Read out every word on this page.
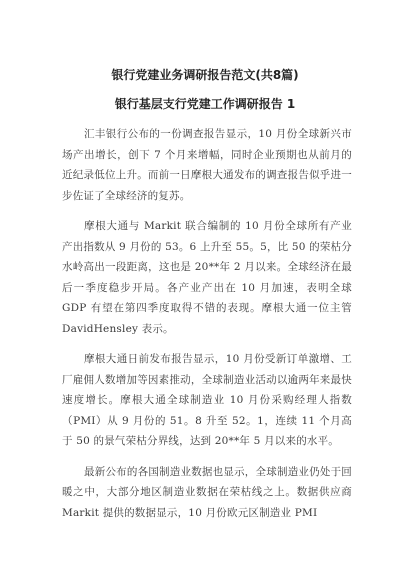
银行党建业务调研报告范文(共8篇)
银行基层支行党建工作调研报告 1

汇丰银行公布的一份调查报告显示，10 月份全球新兴市场产出增长，创下 7 个月来增幅，同时企业预期也从前月的近纪录低位上升。而前一日摩根大通发布的调查报告似乎进一步佐证了全球经济的复苏。

摩根大通与 Markit 联合编制的 10 月份全球所有产业产出指数从 9 月份的 53。6 上升至 55。5，比 50 的荣枯分水岭高出一段距离，这也是 20**年 2 月以来。全球经济在最后一季度稳步开局。各产业产出在 10 月加速，表明全球 GDP 有望在第四季度取得不错的表现。摩根大通一位主管 DavidHensley 表示。

摩根大通日前发布报告显示，10 月份受新订单激增、工厂雇佣人数增加等因素推动，全球制造业活动以逾两年来最快速度增长。摩根大通全球制造业 10 月份采购经理人指数（PMI）从 9 月份的 51。8 升至 52。1，连续 11 个月高于 50 的景气荣枯分界线，达到 20**年 5 月以来的水平。

最新公布的各国制造业数据也显示，全球制造业仍处于回暖之中，大部分地区制造业数据在荣枯线之上。数据供应商 Markit 提供的数据显示，10 月份欧元区制造业 PMI
